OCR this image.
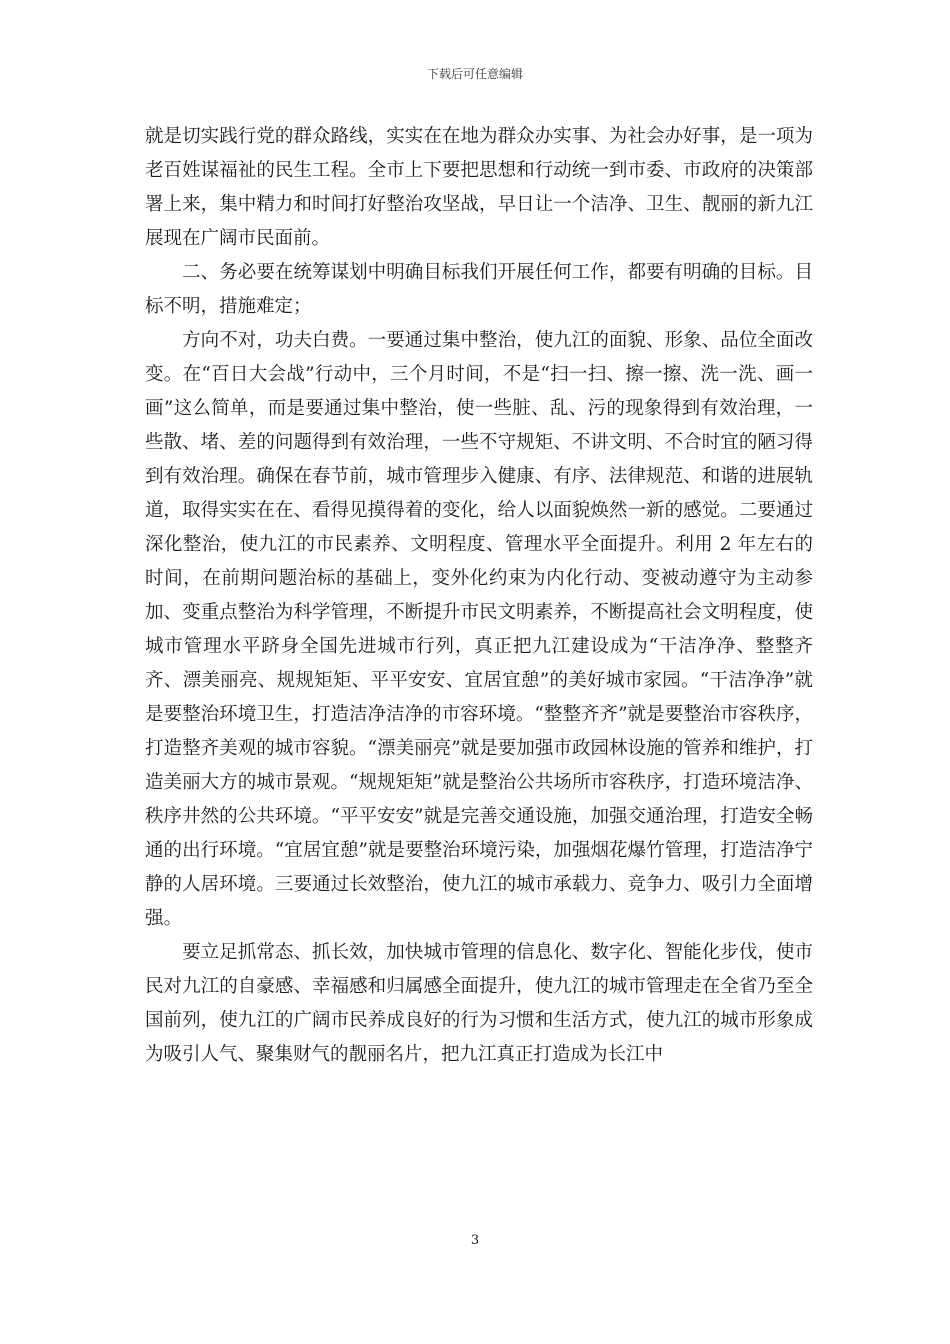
下载后可任意编辑

就是切实践行党的群众路线，实实在在地为群众办实事、为社会办好事，是一项为老百姓谋福祉的民生工程。全市上下要把思想和行动统一到市委、市政府的决策部署上来，集中精力和时间打好整治攻坚战，早日让一个洁净、卫生、靓丽的新九江展现在广阔市民面前。

　　二、务必要在统筹谋划中明确目标我们开展任何工作，都要有明确的目标。目标不明，措施难定；

　　方向不对，功夫白费。一要通过集中整治，使九江的面貌、形象、品位全面改变。在“百日大会战”行动中，三个月时间，不是“扫一扫、擦一擦、洗一洗、画一画”这么简单，而是要通过集中整治，使一些脏、乱、污的现象得到有效治理，一些散、堵、差的问题得到有效治理，一些不守规矩、不讲文明、不合时宜的陋习得到有效治理。确保在春节前，城市管理步入健康、有序、法律规范、和谐的进展轨道，取得实实在在、看得见摸得着的变化，给人以面貌焕然一新的感觉。二要通过深化整治，使九江的市民素养、文明程度、管理水平全面提升。利用 2 年左右的时间，在前期问题治标的基础上，变外化约束为内化行动、变被动遵守为主动参加、变重点整治为科学管理，不断提升市民文明素养，不断提高社会文明程度，使城市管理水平跻身全国先进城市行列，真正把九江建设成为“干洁净净、整整齐齐、漂美丽亮、规规矩矩、平平安安、宜居宜憩”的美好城市家园。“干洁净净”就是要整治环境卫生，打造洁净洁净的市容环境。“整整齐齐”就是要整治市容秩序，打造整齐美观的城市容貌。“漂美丽亮”就是要加强市政园林设施的管养和维护，打造美丽大方的城市景观。“规规矩矩”就是整治公共场所市容秩序，打造环境洁净、秩序井然的公共环境。“平平安安”就是完善交通设施，加强交通治理，打造安全畅通的出行环境。“宜居宜憩”就是要整治环境污染，加强烟花爆竹管理，打造洁净宁静的人居环境。三要通过长效整治，使九江的城市承载力、竞争力、吸引力全面增强。

　　要立足抓常态、抓长效，加快城市管理的信息化、数字化、智能化步伐，使市民对九江的自豪感、幸福感和归属感全面提升，使九江的城市管理走在全省乃至全国前列，使九江的广阔市民养成良好的行为习惯和生活方式，使九江的城市形象成为吸引人气、聚集财气的靓丽名片，把九江真正打造成为长江中

3
